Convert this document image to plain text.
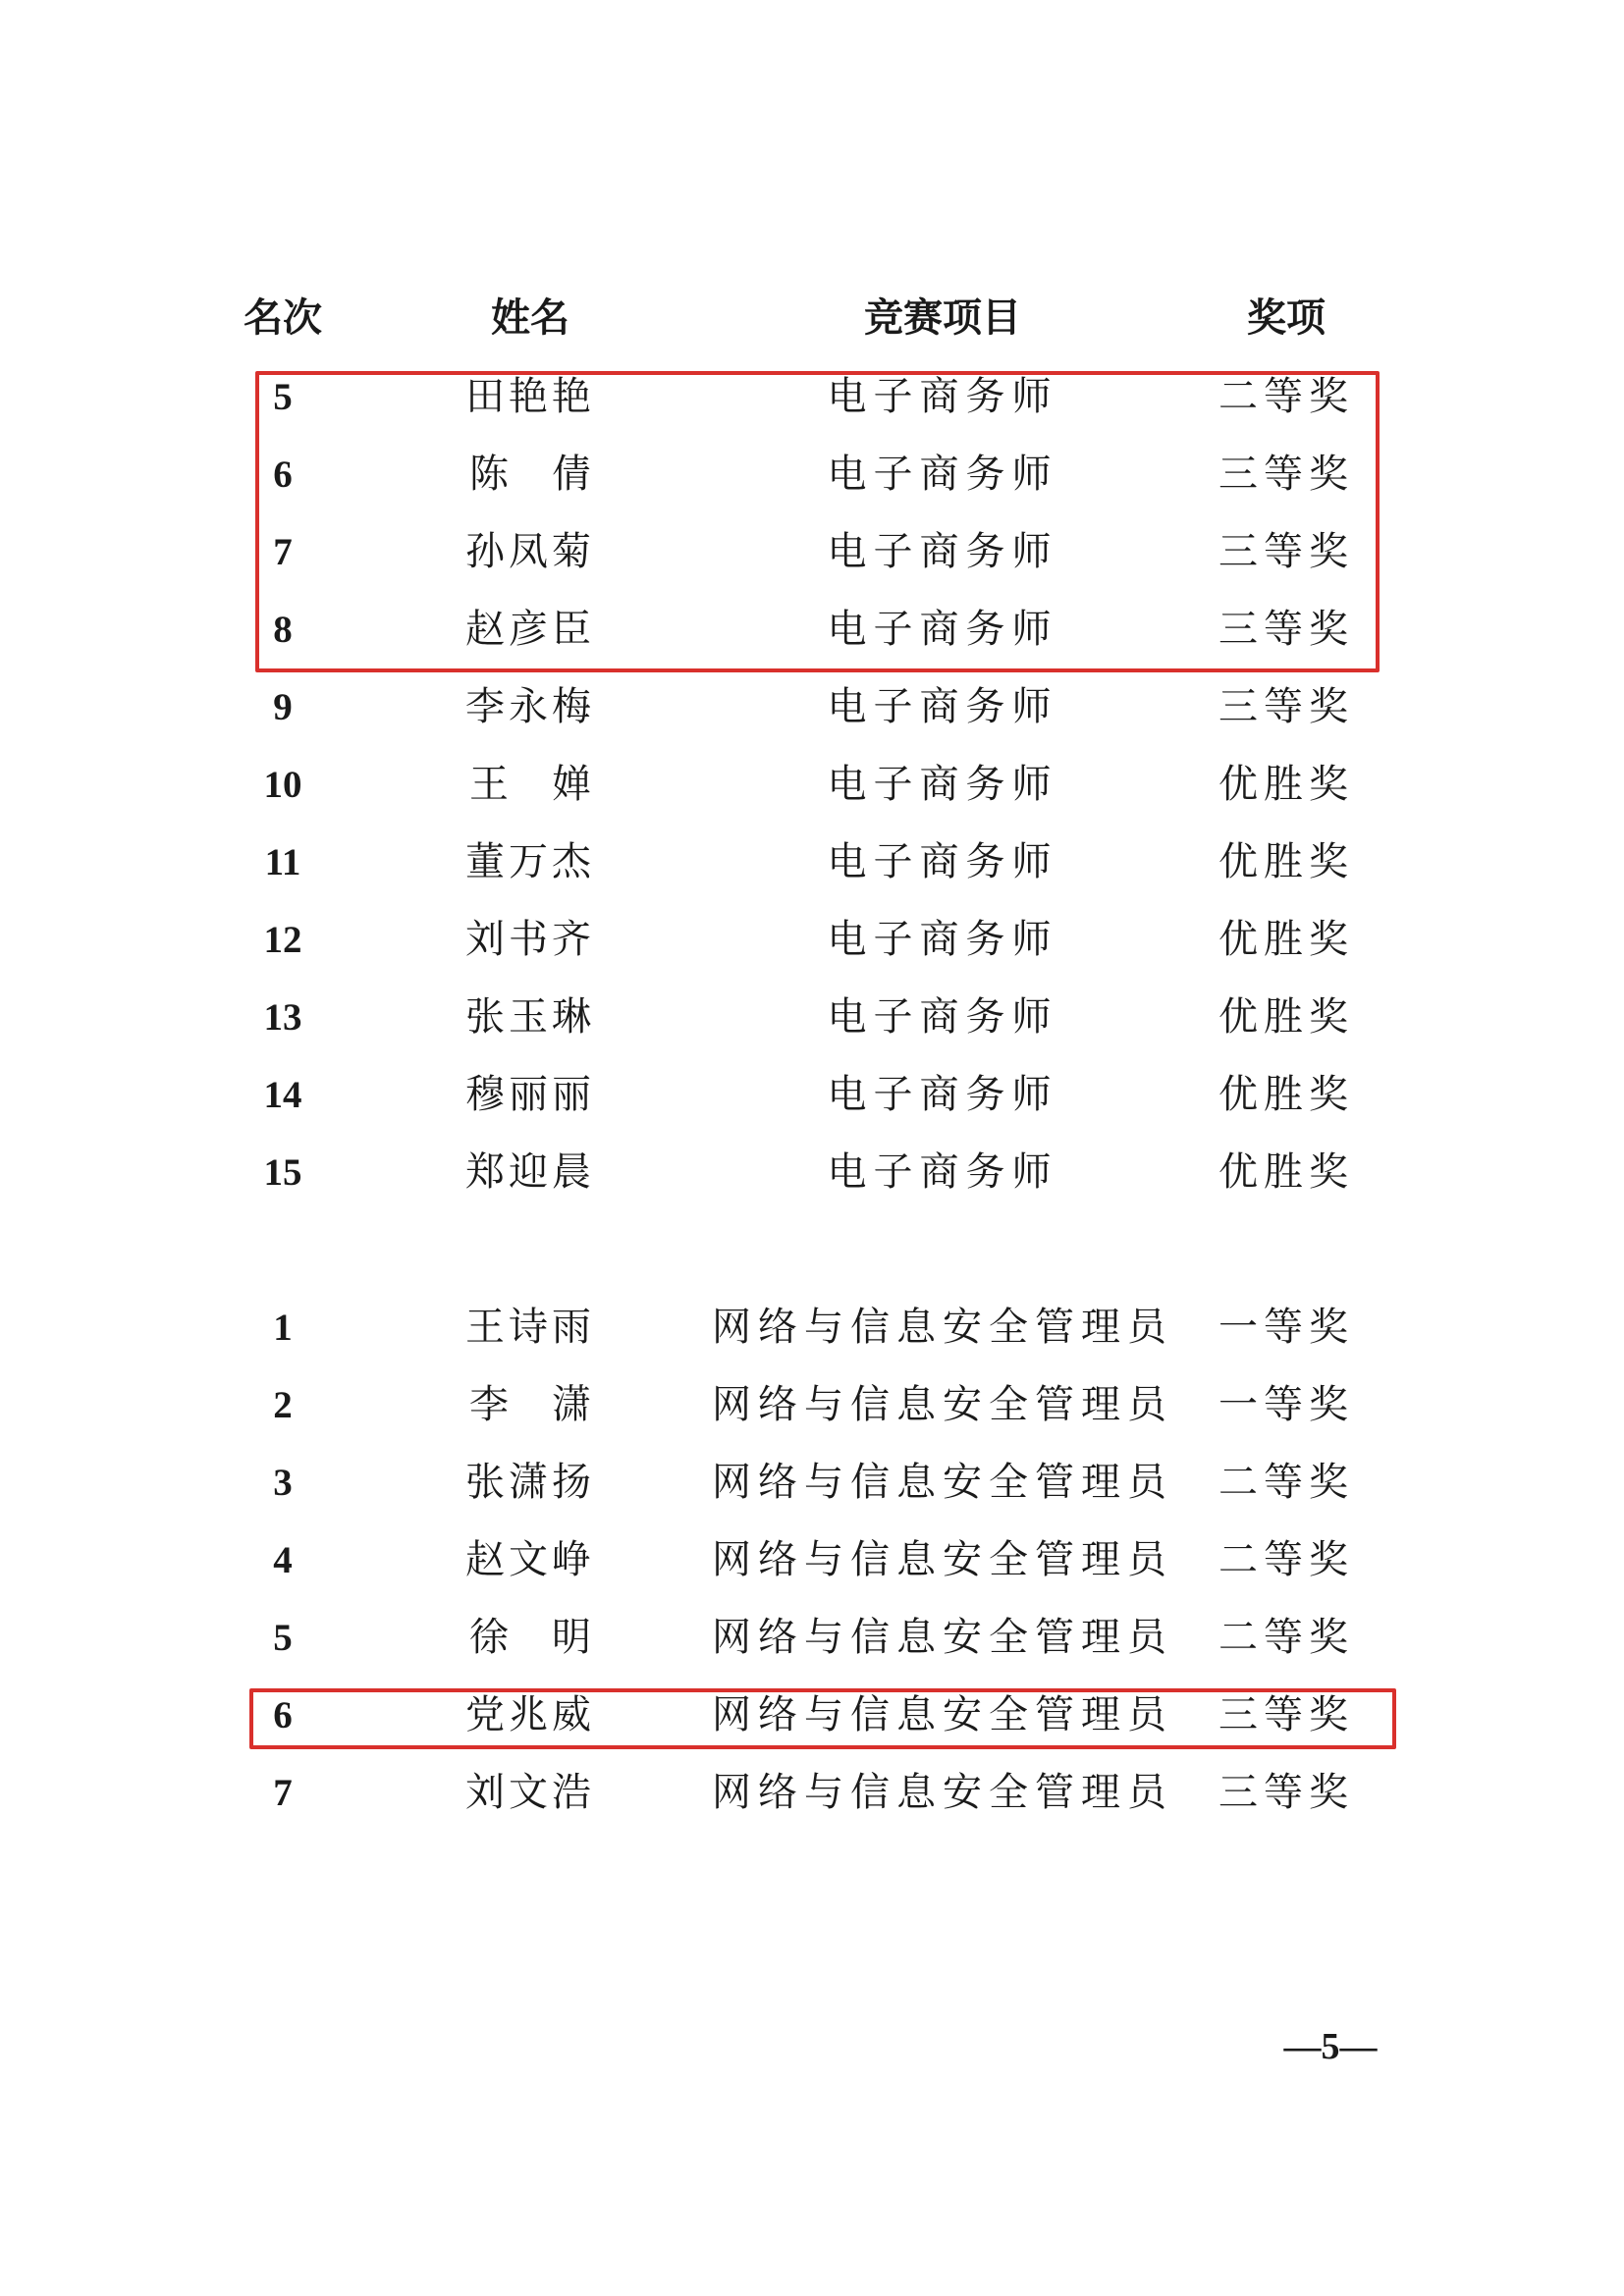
名次	姓名	竞赛项目	奖项
5	田艳艳	电子商务师	二等奖
6	陈倩	电子商务师	三等奖
7	孙凤菊	电子商务师	三等奖
8	赵彦臣	电子商务师	三等奖
9	李永梅	电子商务师	三等奖
10	王婵	电子商务师	优胜奖
11	董万杰	电子商务师	优胜奖
12	刘书齐	电子商务师	优胜奖
13	张玉琳	电子商务师	优胜奖
14	穆丽丽	电子商务师	优胜奖
15	郑迎晨	电子商务师	优胜奖
1	王诗雨	网络与信息安全管理员	一等奖
2	李潇	网络与信息安全管理员	一等奖
3	张潇扬	网络与信息安全管理员	二等奖
4	赵文峥	网络与信息安全管理员	二等奖
5	徐明	网络与信息安全管理员	二等奖
6	党兆威	网络与信息安全管理员	三等奖
7	刘文浩	网络与信息安全管理员	三等奖
—5—
